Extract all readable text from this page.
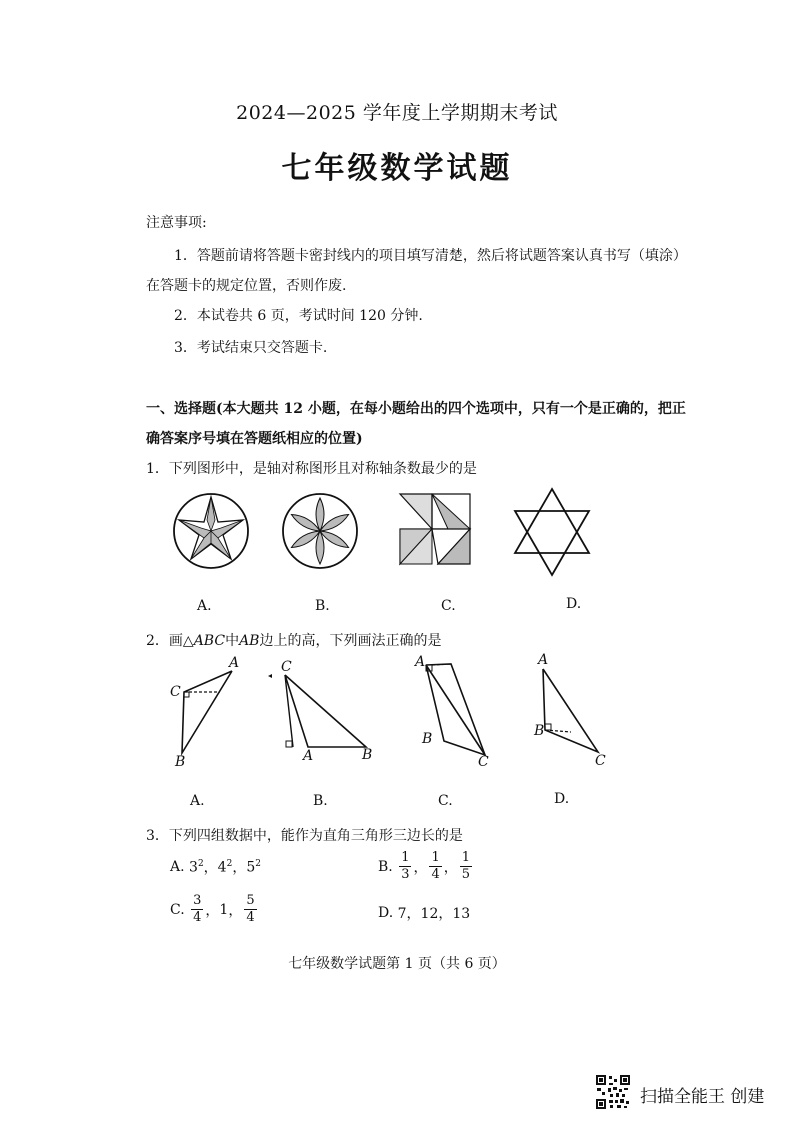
2024—2025 学年度上学期期末考试
七年级数学试题
注意事项:
1．答题前请将答题卡密封线内的项目填写清楚，然后将试题答案认真书写（填涂）
在答题卡的规定位置，否则作废.
2．本试卷共 6 页，考试时间 120 分钟.
3．考试结束只交答题卡.
一、选择题(本大题共 12 小题，在每小题给出的四个选项中，只有一个是正确的，把正
确答案序号填在答题纸相应的位置)
1．下列图形中，是轴对称图形且对称轴条数最少的是
A.	B.	C.	D.
2．画△ABC中AB边上的高，下列画法正确的是
A
C
B
C
A	B
A
B
C
A
B
C
A.	B.	C.	D.
3．下列四组数据中，能作为直角三角形三边长的是
A.
$3^2$ ， $4^2$ ， $5^2$	B.
$\frac{1}{3}$ ， $\frac{1}{4}$ ， $\frac{1}{5}$
C.
$\frac{3}{4}$ ， 1 ， $\frac{5}{4}$	D.
7，12，13
七年级数学试题第 1 页（共 6 页）
扫描全能王 创建
